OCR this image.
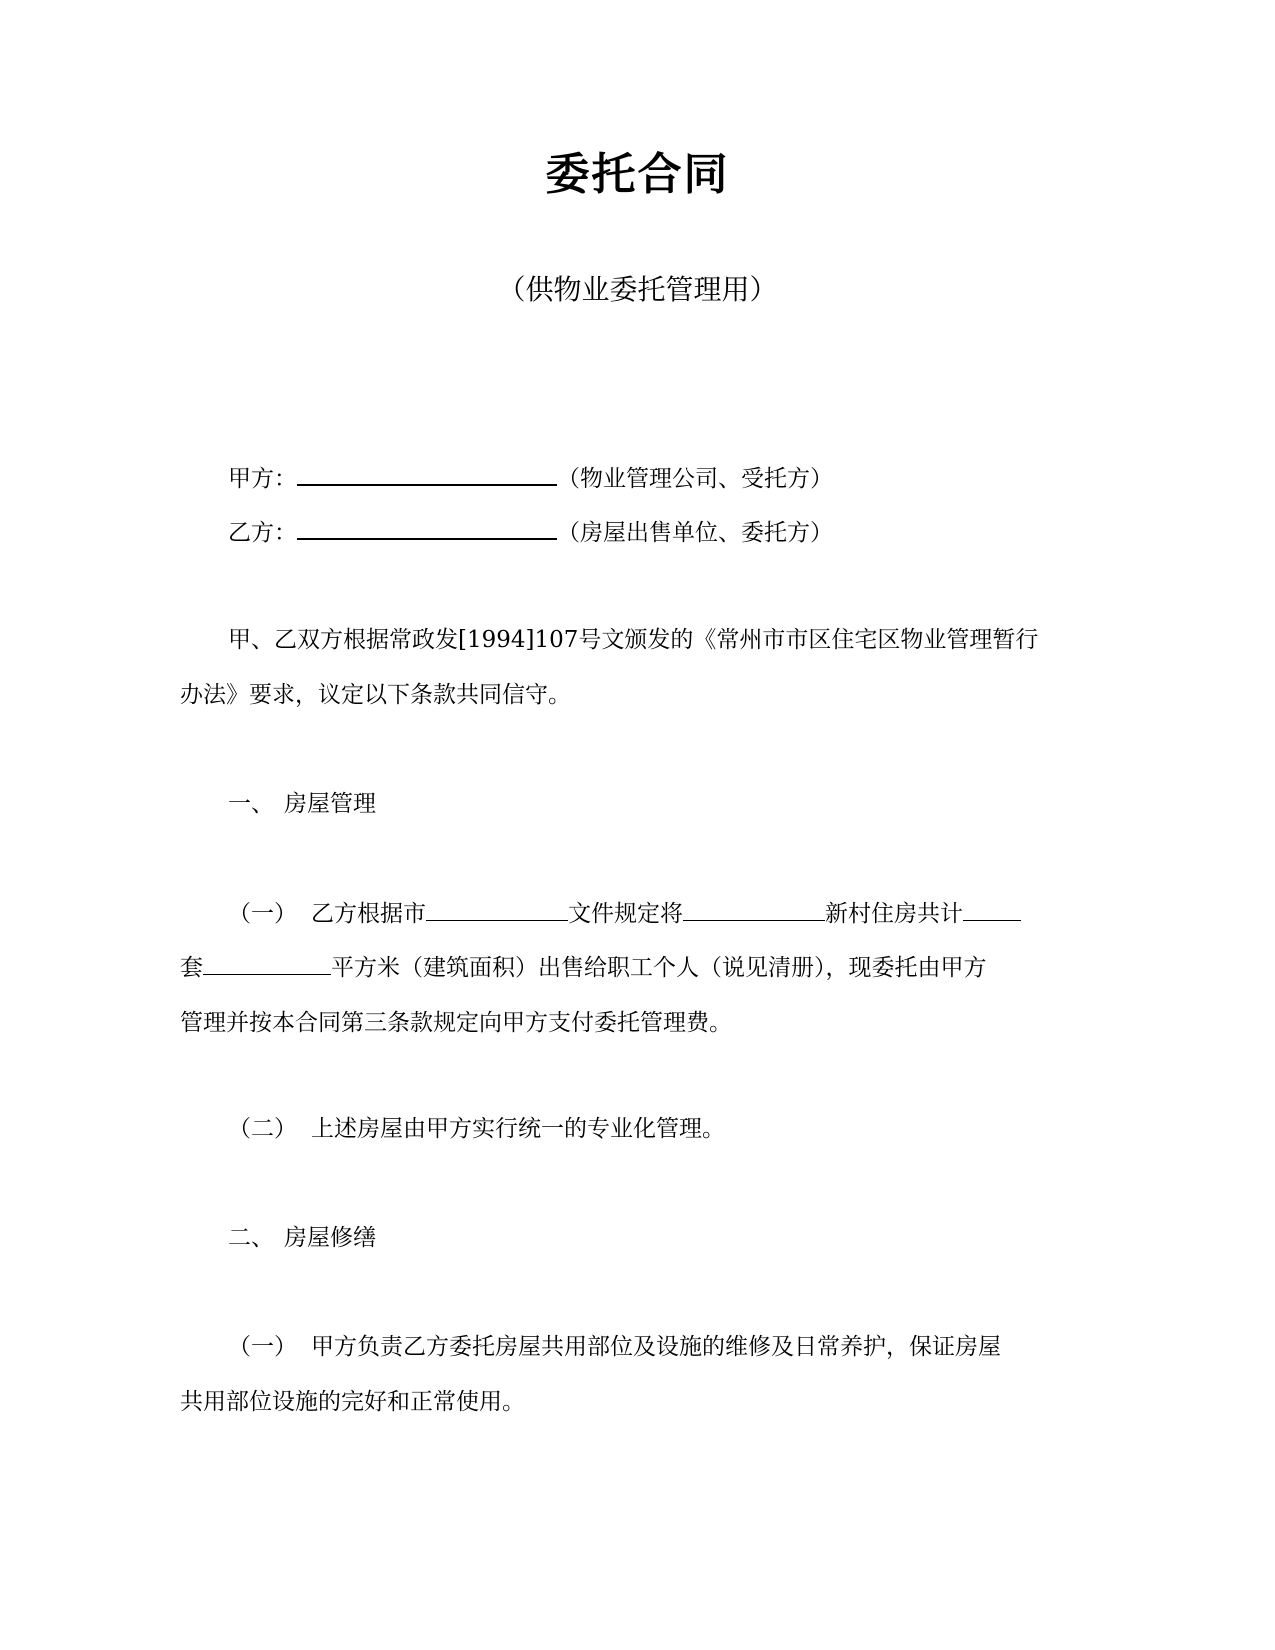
委托合同
（供物业委托管理用）
甲方：	（物业管理公司、受托方）
乙方：	（房屋出售单位、委托方）
甲、乙双方根据常政发[1994]107号文颁发的《常州市市区住宅区物业管理暂行
办法》要求，议定以下条款共同信守。
一、 房屋管理
（一） 乙方根据市	文件规定将	新村住房共计
套	平方米（建筑面积）出售给职工个人（说见清册），现委托由甲方
管理并按本合同第三条款规定向甲方支付委托管理费。
（二） 上述房屋由甲方实行统一的专业化管理。
二、 房屋修缮
（一） 甲方负责乙方委托房屋共用部位及设施的维修及日常养护，保证房屋
共用部位设施的完好和正常使用。
